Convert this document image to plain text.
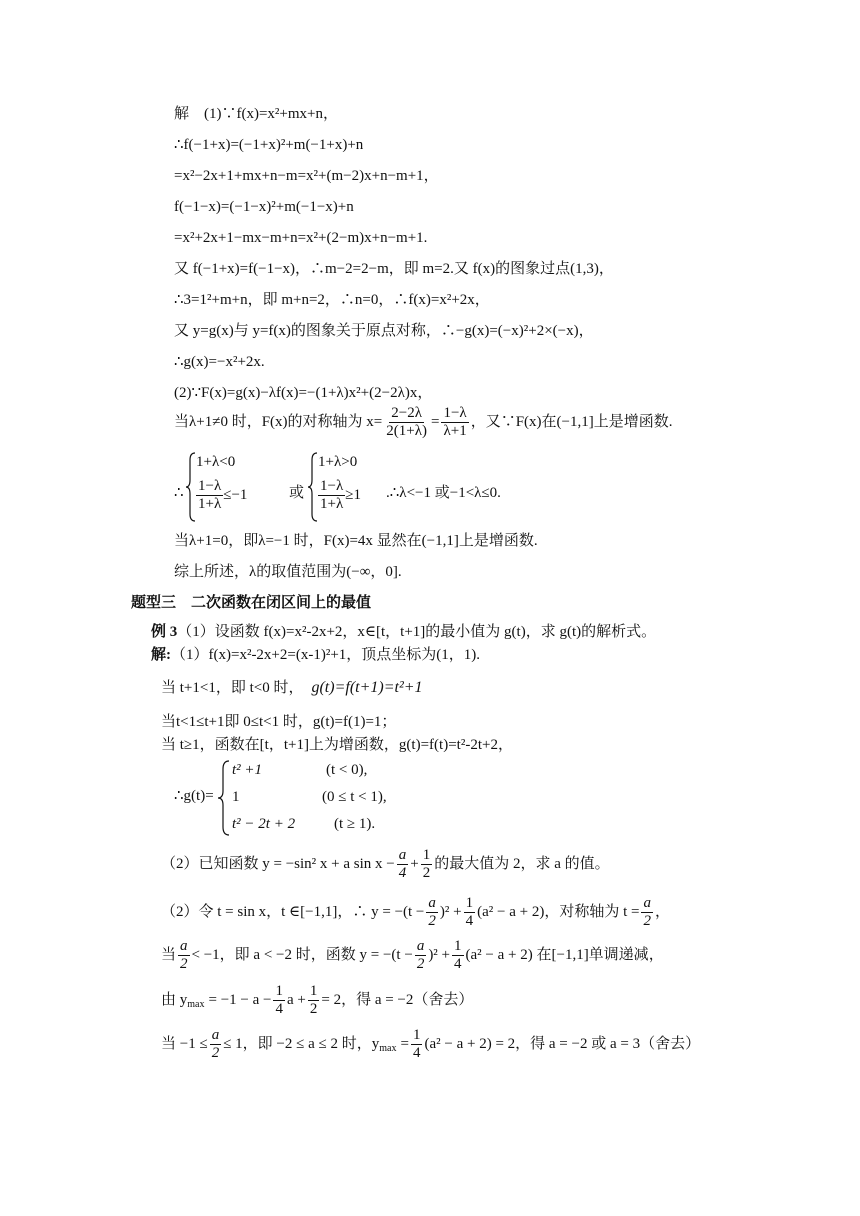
解　(1)∵f(x)=x²+mx+n，
∴f(−1+x)=(−1+x)²+m(−1+x)+n
=x²−2x+1+mx+n−m=x²+(m−2)x+n−m+1，
f(−1−x)=(−1−x)²+m(−1−x)+n
=x²+2x+1−mx−m+n=x²+(2−m)x+n−m+1.
又 f(−1+x)=f(−1−x)，∴m−2=2−m，即 m=2.又 f(x)的图象过点(1,3)，
∴3=1²+m+n，即 m+n=2，∴n=0，∴f(x)=x²+2x，
又 y=g(x)与 y=f(x)的图象关于原点对称，∴−g(x)=(−x)²+2×(−x)，
∴g(x)=−x²+2x.
(2)∵F(x)=g(x)−λf(x)=−(1+λ)x²+(2−2λ)x，
当λ+1≠0 时，F(x)的对称轴为 $x= \frac{2-2\lambda}{2(1+\lambda)} = \frac{1-\lambda}{\lambda+1}$ ，又∵F(x)在(−1,1]上是增函数.
∴
1+λ<0
$\frac{1-\lambda}{1+\lambda} \le-1$	或
1+λ>0
$\frac{1-\lambda}{1+\lambda} \ge 1$ .∴λ<−1 或−1<λ≤0.
当λ+1=0，即λ=−1 时，F(x)=4x 显然在(−1,1]上是增函数.
综上所述，λ的取值范围为(−∞，0].
题型三　二次函数在闭区间上的最值
例 3（1）设函数 f(x)=x²-2x+2，x∈[t，t+1]的最小值为 g(t)，求 g(t)的解析式。
解:（1）f(x)=x²-2x+2=(x-1)²+1，顶点坐标为(1，1).
当 t+1<1，即 t<0 时， g(t)=f(t+1)=t²+1
当t<1≤t+1即 0≤t<1 时，g(t)=f(1)=1；
当 t≥1，函数在[t，t+1]上为增函数，g(t)=f(t)=t²-2t+2，
∴g(t)=
t² +1	(t < 0),
1	(0 ≤ t < 1),
t² − 2t + 2	(t ≥ 1).
（2）已知函数 y = −sin² x + a $\sin x - \frac{a}{4} + \frac{1}{2}$ 的最大值为 2，求 a 的值。
（2）令 t = sin x，t ∈[−1,1]，∴ $y = -(t - \frac{a}{2} )^2 + \frac{1}{4} (a^2 - a + 2)$，对称轴为 $t = \frac{a}{2}$ ，
当 $\frac{a}{2} < -1$，即 a < −2 时，函数 $y = -(t - \frac{a}{2} )^2 + \frac{1}{4} (a^2 - a + 2)$ 在[−1,1]单调递减，
由 $y_{max} = -1 - a - \frac{1}{4}$ $a + \frac{1}{2} = 2$，得 a = −2（舍去）
当 $-1 \le \frac{a}{2} \le 1$，即 −2 ≤ a ≤ 2 时，$y_{max} = \frac{1}{4} (a^2 - a + 2) = 2$，得 a = −2 或 a = 3（舍去）
